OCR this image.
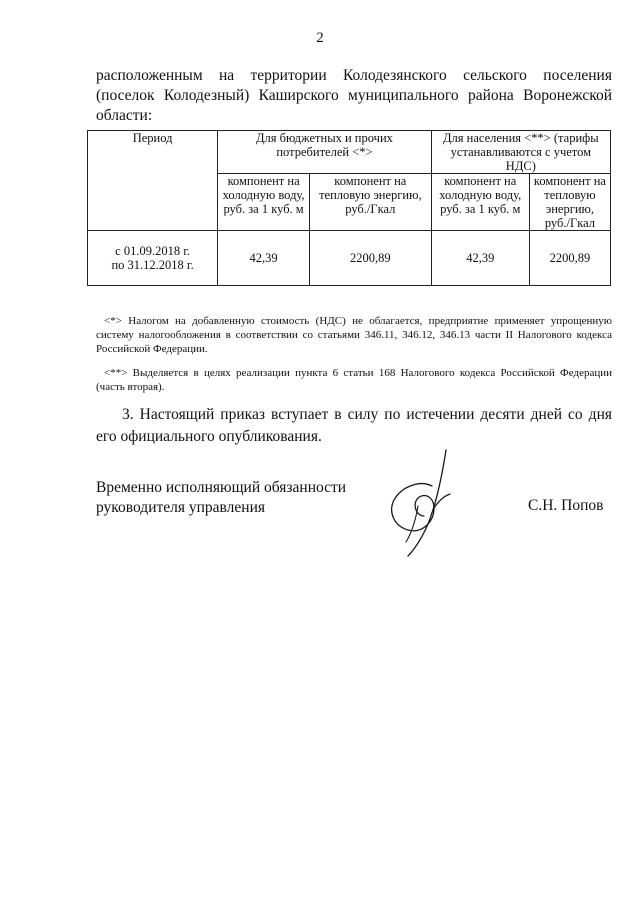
2
расположенным на территории Колодезянского сельского поселения (поселок Колодезный) Каширского муниципального района Воронежской области:
Период	Для бюджетных и прочих потребителей <*>		Для населения <**> (тарифы устанавливаются с учетом НДС)	
	компонент на холодную воду, руб. за 1 куб. м	компонент на тепловую энергию, руб./Гкал	компонент на холодную воду, руб. за 1 куб. м	компонент на тепловую энергию, руб./Гкал

с 01.09.2018 г.
по 31.12.2018 г.	42,39	2200,89	42,39	2200,89
<*> Налогом на добавленную стоимость (НДС) не облагается, предприятие применяет упрощенную систему налогообложения в соответствии со статьями 346.11, 346.12, 346.13 части II Налогового кодекса Российской Федерации.
<**> Выделяется в целях реализации пункта 6 статьи 168 Налогового кодекса Российской Федерации (часть вторая).
3. Настоящий приказ вступает в силу по истечении десяти дней со дня его официального опубликования.
Временно исполняющий обязанности
руководителя управления	С.Н. Попов
